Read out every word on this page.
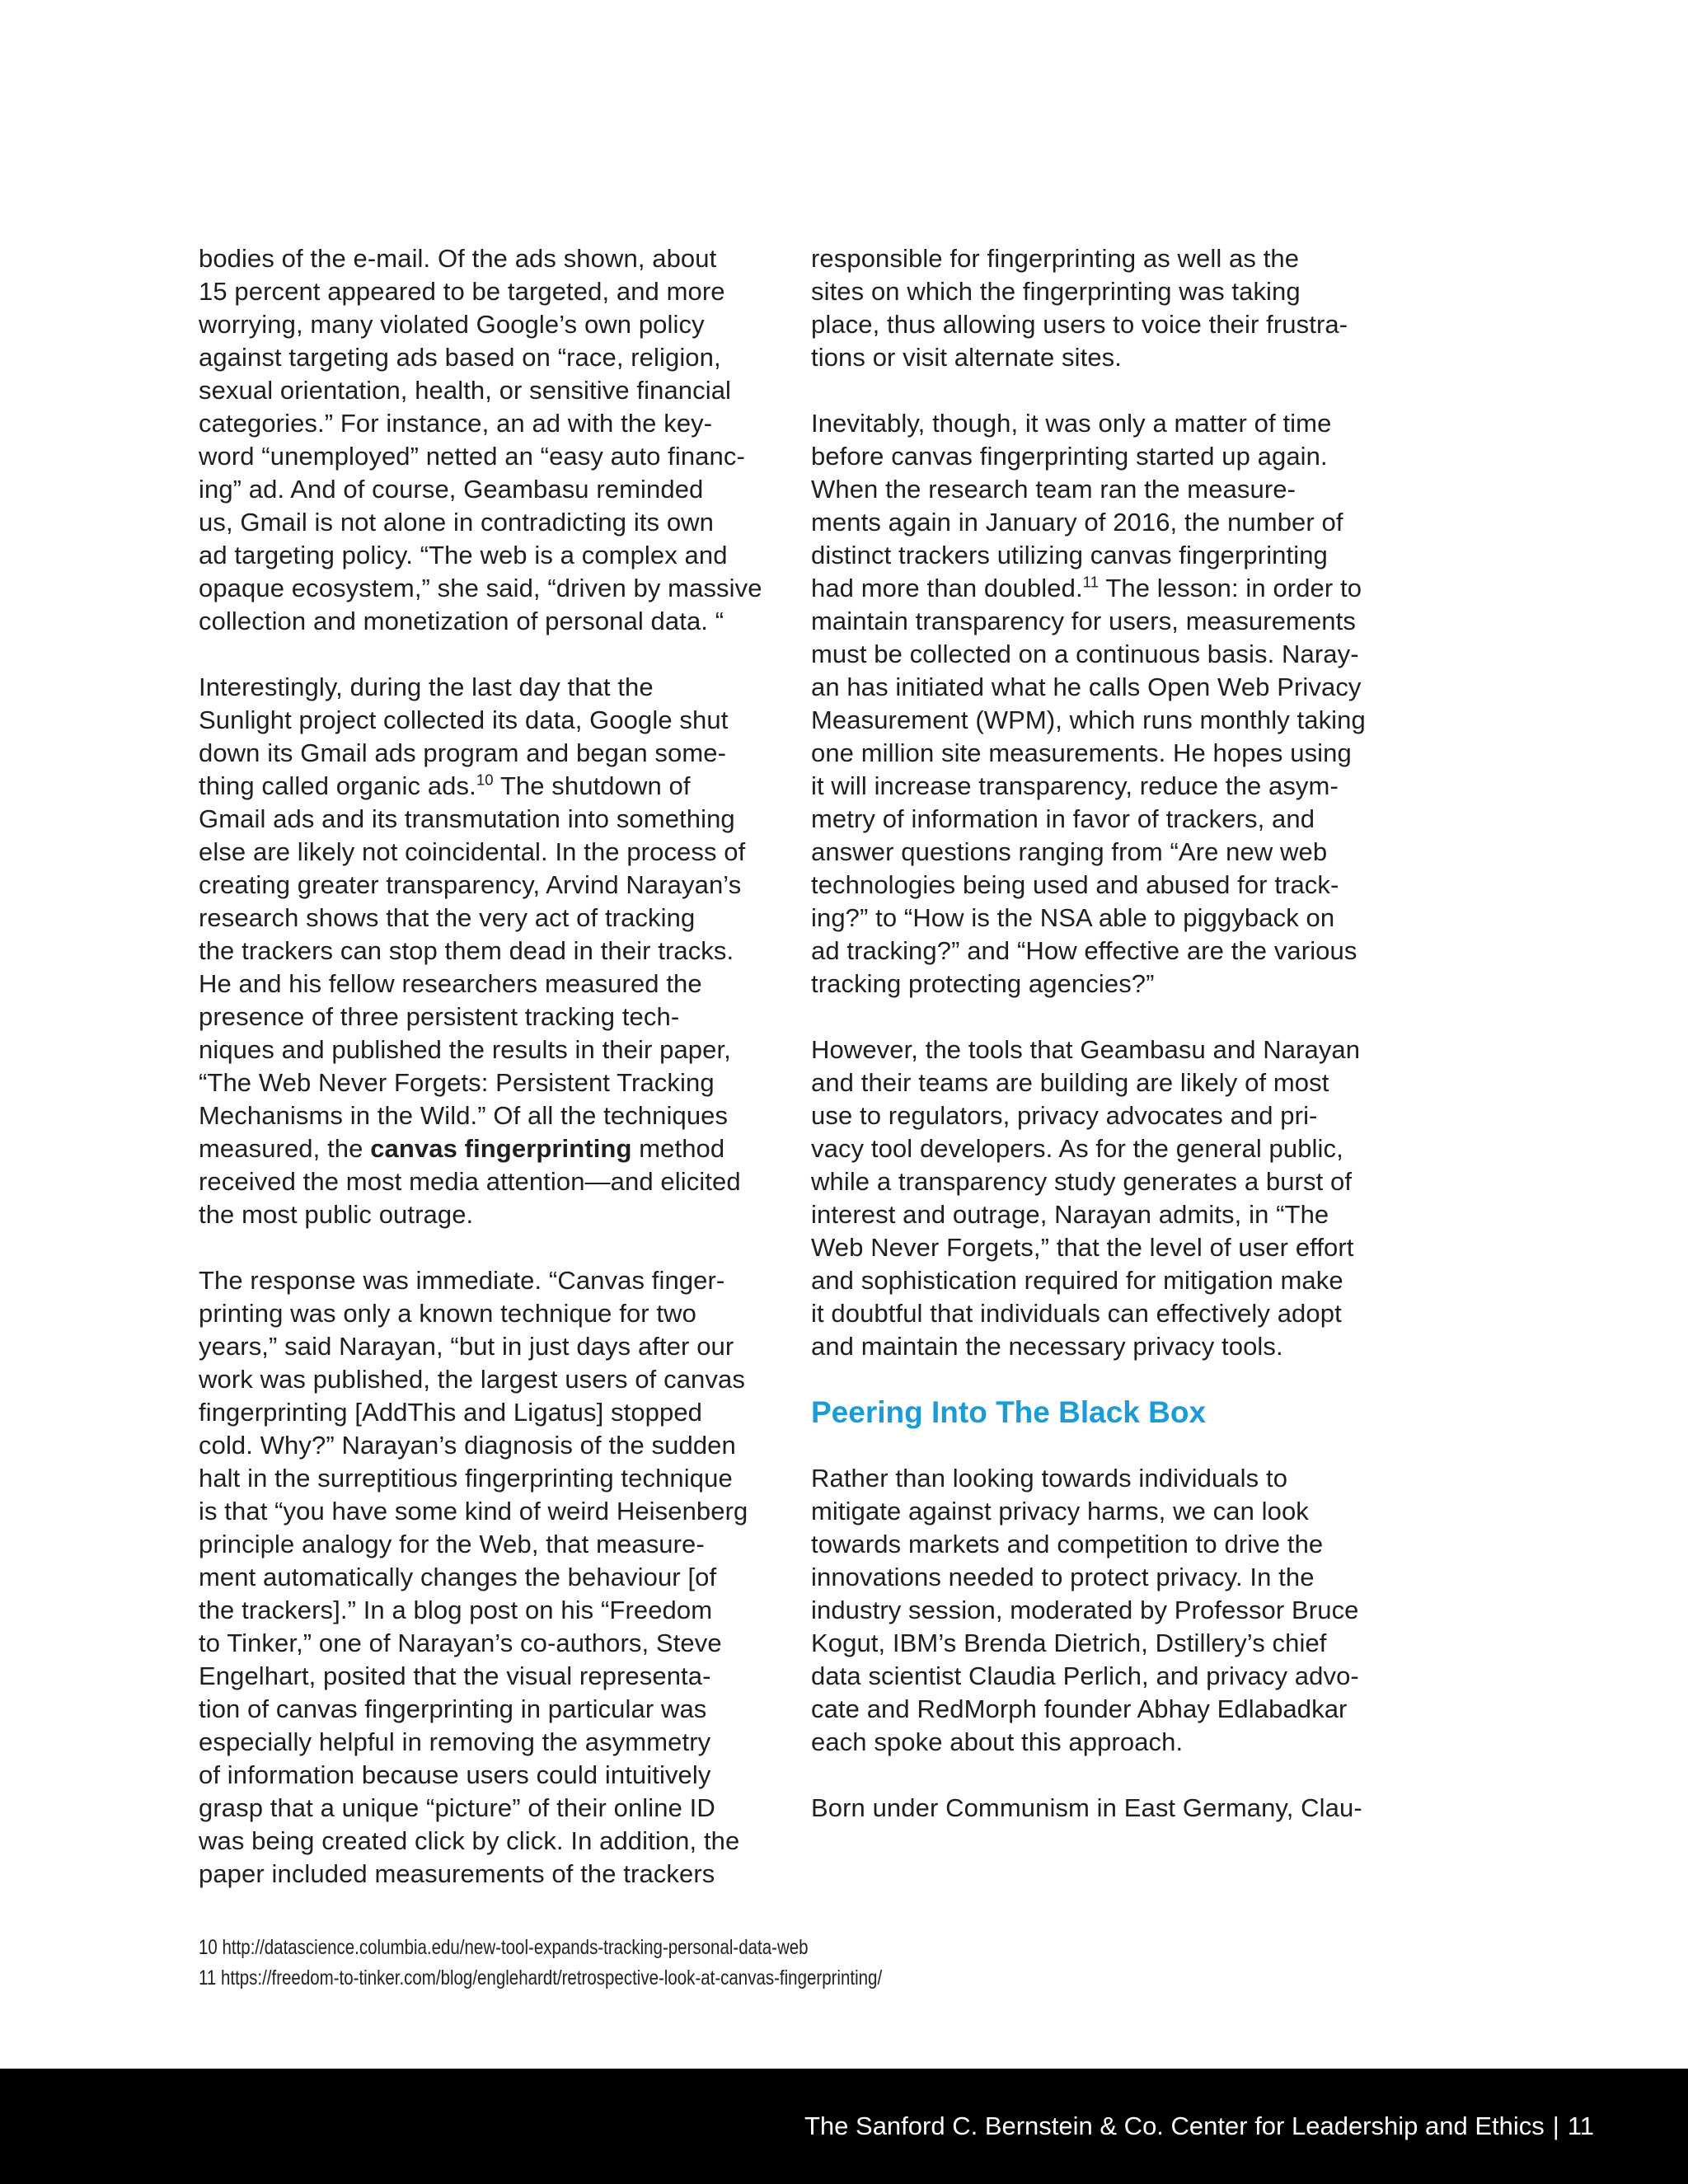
bodies of the e-mail. Of the ads shown, about
15 percent appeared to be targeted, and more
worrying, many violated Google’s own policy
against targeting ads based on “race, religion,
sexual orientation, health, or sensitive financial
categories.” For instance, an ad with the key-
word “unemployed” netted an “easy auto financ-
ing” ad. And of course, Geambasu reminded
us, Gmail is not alone in contradicting its own
ad targeting policy. “The web is a complex and
opaque ecosystem,” she said, “driven by massive
collection and monetization of personal data. “

Interestingly, during the last day that the
Sunlight project collected its data, Google shut
down its Gmail ads program and began some-
thing called organic ads.$^{10}$ The shutdown of
Gmail ads and its transmutation into something
else are likely not coincidental. In the process of
creating greater transparency, Arvind Narayan’s
research shows that the very act of tracking
the trackers can stop them dead in their tracks.
He and his fellow researchers measured the
presence of three persistent tracking tech-
niques and published the results in their paper,
“The Web Never Forgets: Persistent Tracking
Mechanisms in the Wild.” Of all the techniques
measured, the canvas fingerprinting method
received the most media attention—and elicited
the most public outrage.

The response was immediate. “Canvas finger-
printing was only a known technique for two
years,” said Narayan, “but in just days after our
work was published, the largest users of canvas
fingerprinting [AddThis and Ligatus] stopped
cold. Why?” Narayan’s diagnosis of the sudden
halt in the surreptitious fingerprinting technique
is that “you have some kind of weird Heisenberg
principle analogy for the Web, that measure-
ment automatically changes the behaviour [of
the trackers].” In a blog post on his “Freedom
to Tinker,” one of Narayan’s co-authors, Steve
Engelhart, posited that the visual representa-
tion of canvas fingerprinting in particular was
especially helpful in removing the asymmetry
of information because users could intuitively
grasp that a unique “picture” of their online ID
was being created click by click. In addition, the
paper included measurements of the trackers

responsible for fingerprinting as well as the
sites on which the fingerprinting was taking
place, thus allowing users to voice their frustra-
tions or visit alternate sites.

Inevitably, though, it was only a matter of time
before canvas fingerprinting started up again.
When the research team ran the measure-
ments again in January of 2016, the number of
distinct trackers utilizing canvas fingerprinting
had more than doubled.$^{11}$ The lesson: in order to
maintain transparency for users, measurements
must be collected on a continuous basis. Naray-
an has initiated what he calls Open Web Privacy
Measurement (WPM), which runs monthly taking
one million site measurements. He hopes using
it will increase transparency, reduce the asym-
metry of information in favor of trackers, and
answer questions ranging from “Are new web
technologies being used and abused for track-
ing?” to “How is the NSA able to piggyback on
ad tracking?” and “How effective are the various
tracking protecting agencies?”

However, the tools that Geambasu and Narayan
and their teams are building are likely of most
use to regulators, privacy advocates and pri-
vacy tool developers. As for the general public,
while a transparency study generates a burst of
interest and outrage, Narayan admits, in “The
Web Never Forgets,” that the level of user effort
and sophistication required for mitigation make
it doubtful that individuals can effectively adopt
and maintain the necessary privacy tools.

Peering Into The Black Box

Rather than looking towards individuals to
mitigate against privacy harms, we can look
towards markets and competition to drive the
innovations needed to protect privacy. In the
industry session, moderated by Professor Bruce
Kogut, IBM’s Brenda Dietrich, Dstillery’s chief
data scientist Claudia Perlich, and privacy advo-
cate and RedMorph founder Abhay Edlabadkar
each spoke about this approach.

Born under Communism in East Germany, Clau-

10 http://datascience.columbia.edu/new-tool-expands-tracking-personal-data-web
11 https://freedom-to-tinker.com/blog/englehardt/retrospective-look-at-canvas-fingerprinting/
The Sanford C. Bernstein & Co. Center for Leadership and Ethics | 11
